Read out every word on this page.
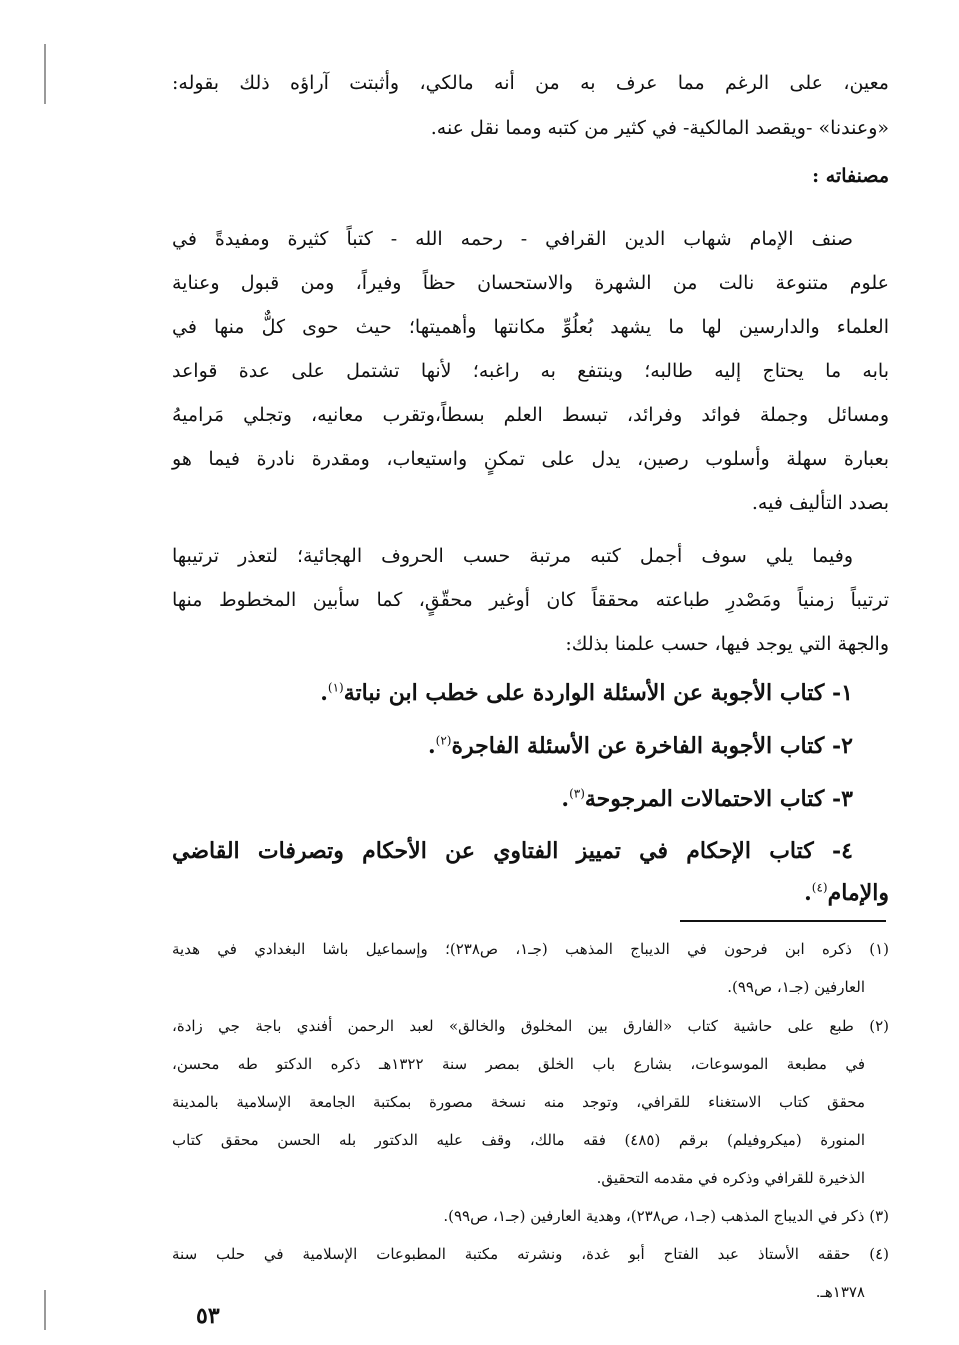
معين، على الرغم مما عرف به من أنه مالكي، وأثبتت آراؤه ذلك بقوله:
«وعندنا» -ويقصد المالكية- في كثير من كتبه ومما نقل عنه.
مصنفاته :
صنف الإمام شهاب الدين القرافي - رحمه الله - كتباً كثيرة ومفيدةً في
علوم متنوعة نالت من الشهرة والاستحسان حظاً وفيراً، ومن قبول وعناية
العلماء والدارسين لها ما يشهد بُعلُوِّ مكانتها وأهميتها؛ حيث حوى كلٌّ منها في
بابه ما يحتاج إليه طالبه؛ وينتفع به راغبه؛ لأنها تشتمل على عدة قواعد
ومسائل وجملة فوائد وفرائد، تبسط العلم بسطاً،وتقرب معانيه، وتجلي مَراميهُ
بعبارة سهلة وأسلوب رصين، يدل على تمكنٍ واستيعاب، ومقدرة نادرة فيما هو
بصدد التأليف فيه.
وفيما يلي سوف أجمل كتبه مرتبة حسب الحروف الهجائية؛ لتعذر ترتيبها
ترتيباً زمنياً ومَصْدرِ طباعته محققاً كان أوغير محقّقٍ، كما سأبين المخطوط منها
والجهة التي يوجد فيها، حسب علمنا بذلك:
١- كتاب الأجوبة عن الأسئلة الواردة على خطب ابن نباتة$^{(١)}$.
٢- كتاب الأجوبة الفاخرة عن الأسئلة الفاجرة$^{(٢)}$.
٣- كتاب الاحتمالات المرجوحة$^{(٣)}$.
٤- كتاب الإحكام في تمييز الفتاوي عن الأحكام وتصرفات القاضي
والإمام$^{(٤)}$.
(١) ذكره ابن فرحون في الديباج المذهب (جـ١، ص٢٣٨)؛ وإسماعيل باشا البغدادي في هدية
العارفين (جـ١، ص٩٩).
(٢) طبع على حاشية كتاب «الفارق بين المخلوق والخالق» لعبد الرحمن أفندي باجة جي زادة،
في مطبعة الموسوعات، بشارع باب الخلق بمصر سنة ١٣٢٢هـ ذكره الدكتو طه محسن،
محقق كتاب الاستغناء للقرافي، وتوجد منه نسخة مصورة بمكتبة الجامعة الإسلامية بالمدينة
المنورة (ميكروفيلم) برقم (٤٨٥) فقه مالك، وقف عليه الدكتور بله الحسن محقق كتاب
الذخيرة للقرافي وذكره في مقدمه التحقيق.
(٣) ذكر في الديباج المذهب (جـ١، ص٢٣٨)، وهدية العارفين (جـ١، ص٩٩).
(٤) حققه الأستاذ عبد الفتاح أبو غدة، ونشرته مكتبة المطبوعات الإسلامية في حلب سنة
١٣٧٨هـ.
٥٣
